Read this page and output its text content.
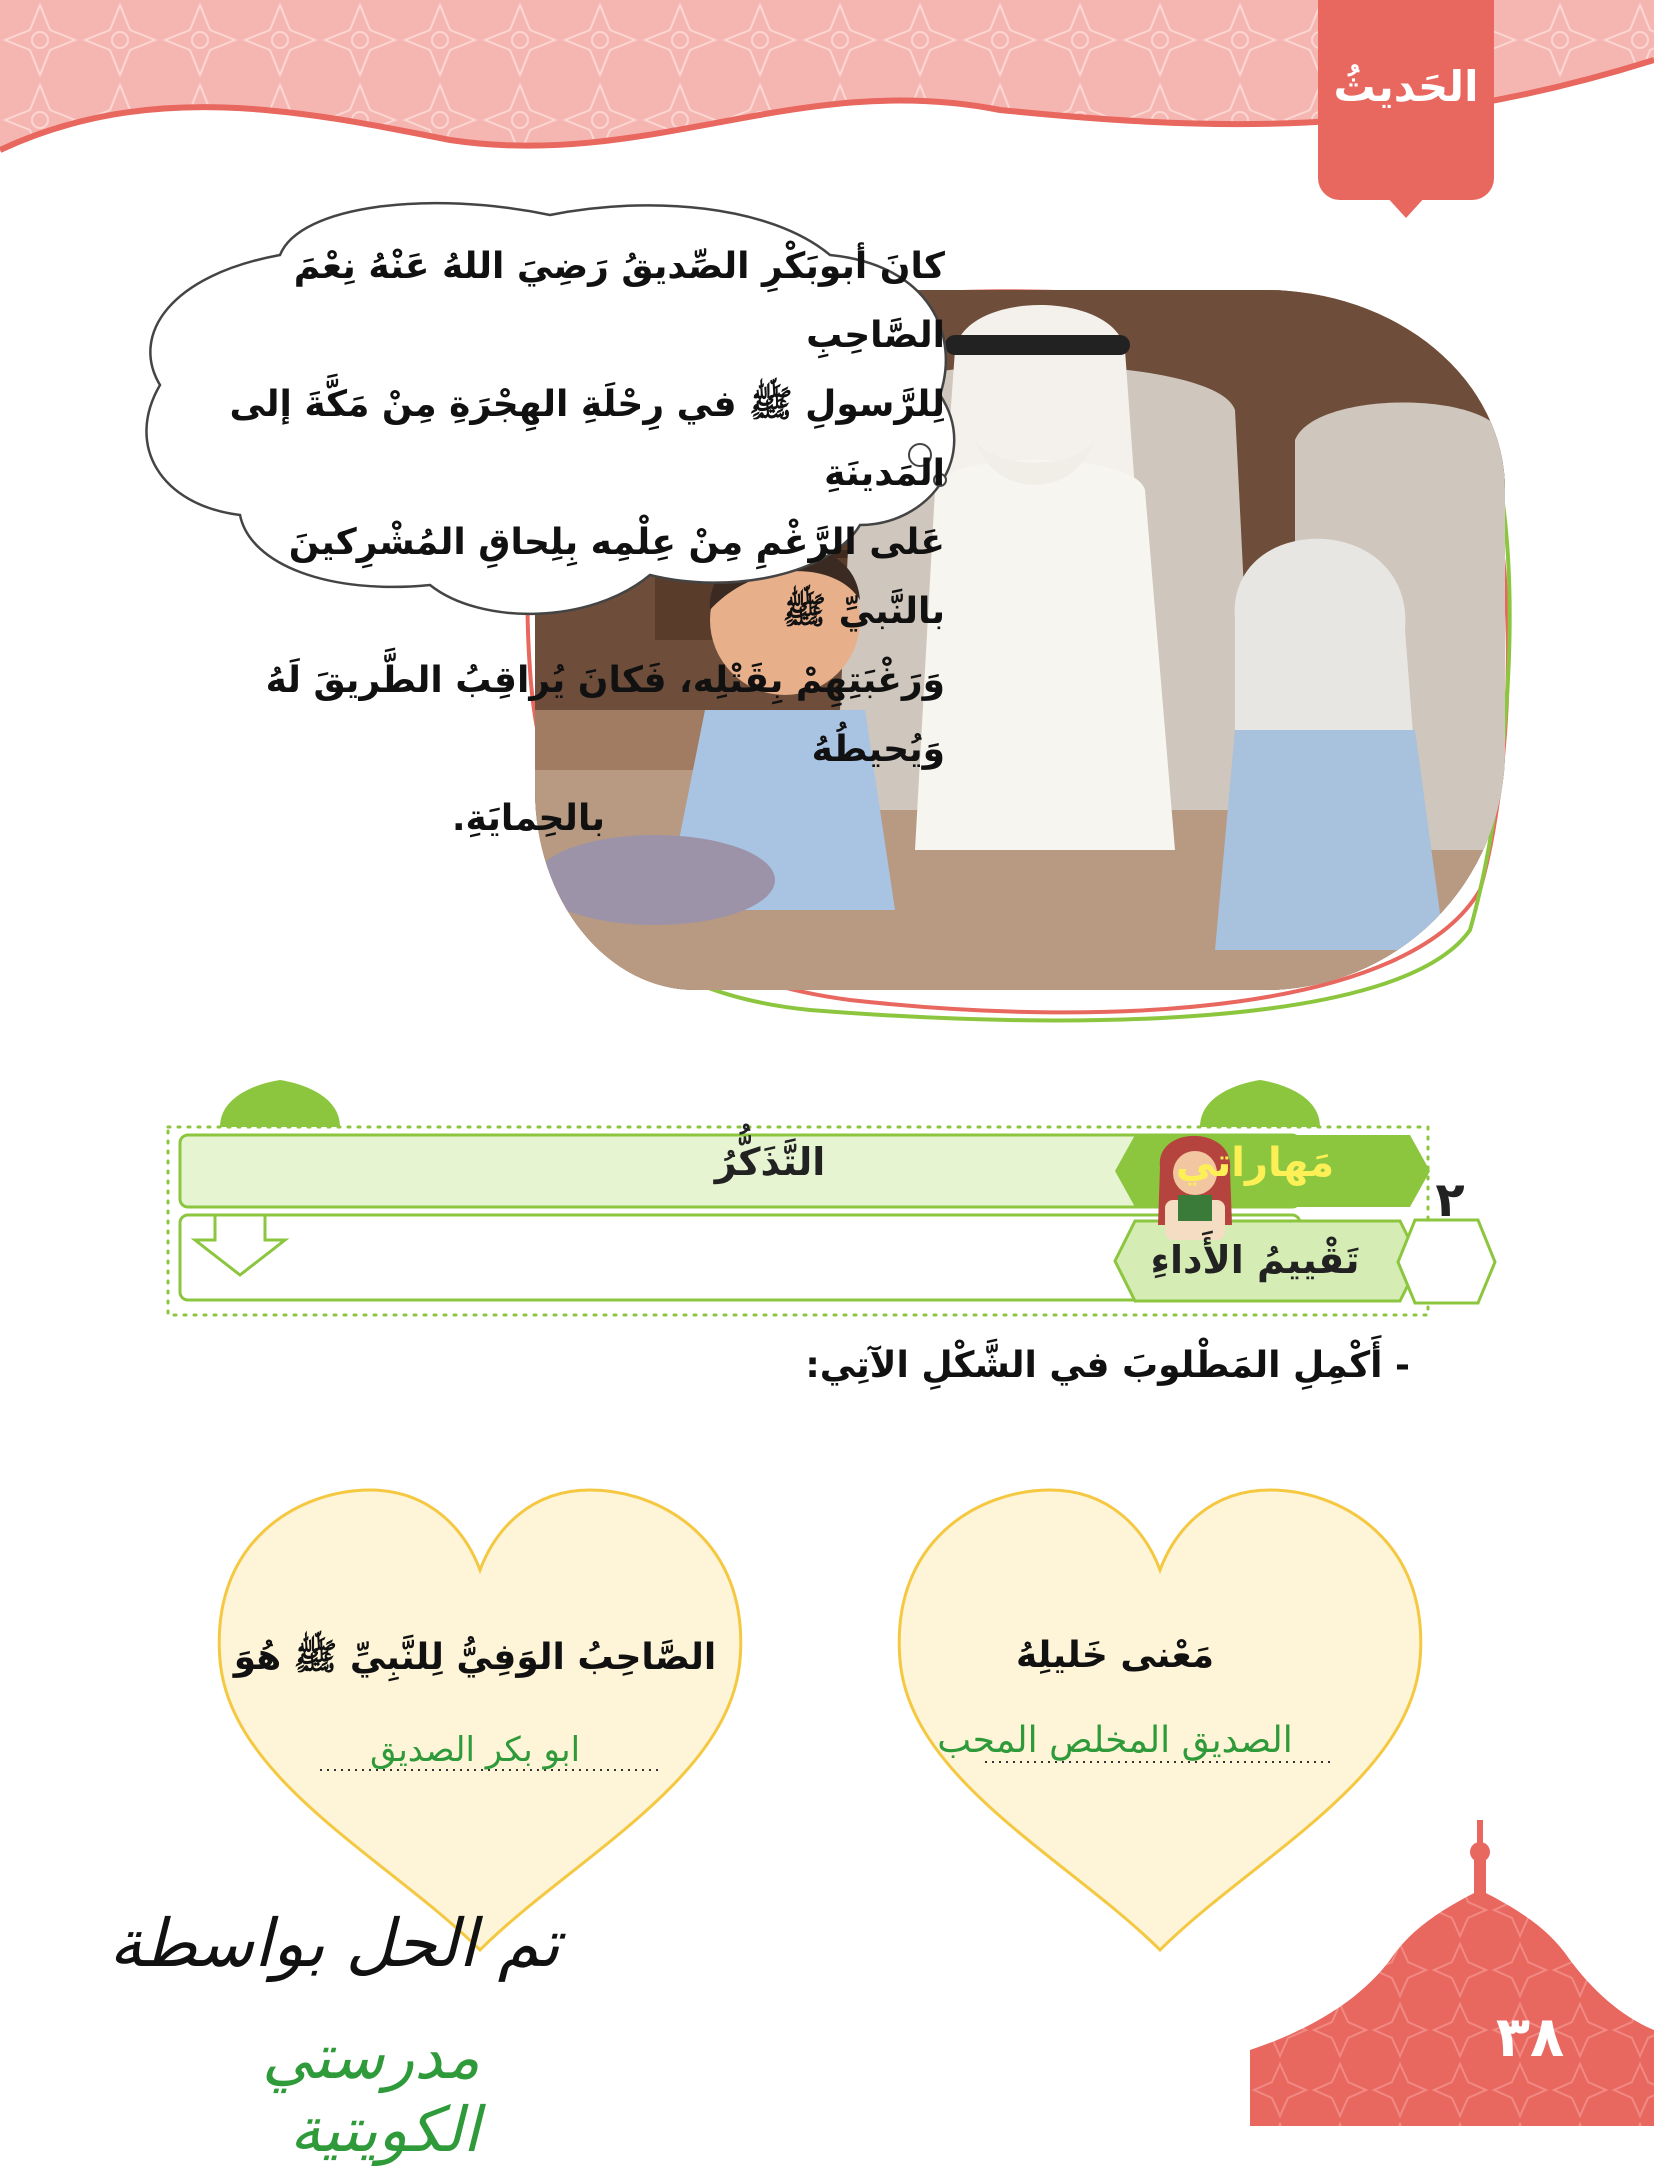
الحَديثُ

كانَ أبوبَكْرِ الصِّديقُ رَضِيَ اللهُ عَنْهُ نِعْمَ الصَّاحِبِ

لِلرَّسولِ ﷺ في رِحْلَةِ الهِجْرَةِ مِنْ مَكَّةَ إلى المَدينَةِ

عَلى الرَّغْمِ مِنْ عِلْمِه بِلِحاقِ المُشْرِكينَ بالنَّبيِّ ﷺ

وَرَغْبَتِهِمْ بِقَتْلِه، فَكانَ يُراقِبُ الطَّريقَ لَهُ وَيُحيطُهُ

بالحِمايَةِ.

التَّذَكُّرُ	مَهاراتي
تَقْييمُ الأَداءِ
٢
- أَكْمِلِ المَطْلوبَ في الشَّكْلِ الآتِي:
الصَّاحِبُ الوَفِيُّ لِلنَّبِيِّ ﷺ هُوَ
ابو بكر الصديق
مَعْنى خَليلِهُ
الصديق المخلص المحب
تم الحل بواسطة
مدرستي الكويتية
٣٨
